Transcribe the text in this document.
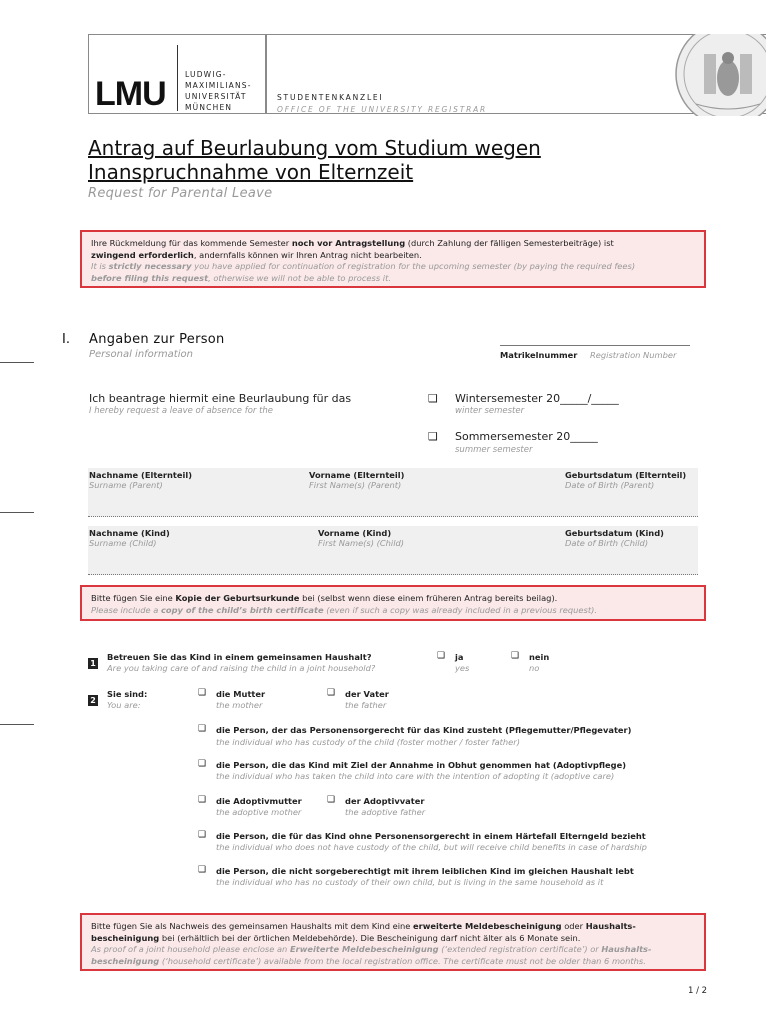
LMU
LUDWIG-
MAXIMILIANS-
UNIVERSITÄT
MÜNCHEN
STUDENTENKANZLEI
OFFICE OF THE UNIVERSITY REGISTRAR
Antrag auf Beurlaubung vom Studium wegen
Inanspruchnahme von Elternzeit
Request for Parental Leave
Ihre Rückmeldung für das kommende Semester noch vor Antragstellung (durch Zahlung der fälligen Semesterbeiträge) ist
zwingend erforderlich, andernfalls können wir Ihren Antrag nicht bearbeiten.
It is strictly necessary you have applied for continuation of registration for the upcoming semester (by paying the required fees)
before filing this request, otherwise we will not be able to process it.
I. Angaben zur Person
Personal information	Matrikelnummer Registration Number
Ich beantrage hiermit eine Beurlaubung für das
I hereby request a leave of absence for the
❑ Wintersemester 20_____/_____
winter semester
❑ Sommersemester 20_____
summer semester
Nachname (Elternteil)
Surname (Parent)
Vorname (Elternteil)
First Name(s) (Parent)
Geburtsdatum (Elternteil)
Date of Birth (Parent)
Nachname (Kind)
Surname (Child)
Vorname (Kind)
First Name(s) (Child)
Geburtsdatum (Kind)
Date of Birth (Child)
Bitte fügen Sie eine Kopie der Geburtsurkunde bei (selbst wenn diese einem früheren Antrag bereits beilag).
Please include a copy of the child’s birth certificate (even if such a copy was already included in a previous request).
1
Betreuen Sie das Kind in einem gemeinsamen Haushalt?
Are you taking care of and raising the child in a joint household?
❑ ja
yes
❑ nein
no
2
Sie sind:
You are:
❑ die Mutter
the mother
❑ der Vater
the father
❑ die Person, der das Personensorgerecht für das Kind zusteht (Pflegemutter/Pflegevater)
the individual who has custody of the child (foster mother / foster father)
❑ die Person, die das Kind mit Ziel der Annahme in Obhut genommen hat (Adoptivpflege)
the individual who has taken the child into care with the intention of adopting it (adoptive care)
❑ die Adoptivmutter
the adoptive mother
❑ der Adoptivvater
the adoptive father
❑ die Person, die für das Kind ohne Personensorgerecht in einem Härtefall Elterngeld bezieht
the individual who does not have custody of the child, but will receive child benefits in case of hardship
❑ die Person, die nicht sorgeberechtigt mit ihrem leiblichen Kind im gleichen Haushalt lebt
the individual who has no custody of their own child, but is living in the same household as it
Bitte fügen Sie als Nachweis des gemeinsamen Haushalts mit dem Kind eine erweiterte Meldebescheinigung oder Haushalts-
bescheinigung bei (erhältlich bei der örtlichen Meldebehörde). Die Bescheinigung darf nicht älter als 6 Monate sein.
As proof of a joint household please enclose an Erweiterte Meldebescheinigung (‘extended registration certificate’) or Haushalts-
bescheinigung (‘household certificate’) available from the local registration office. The certificate must not be older than 6 months.
1 / 2
